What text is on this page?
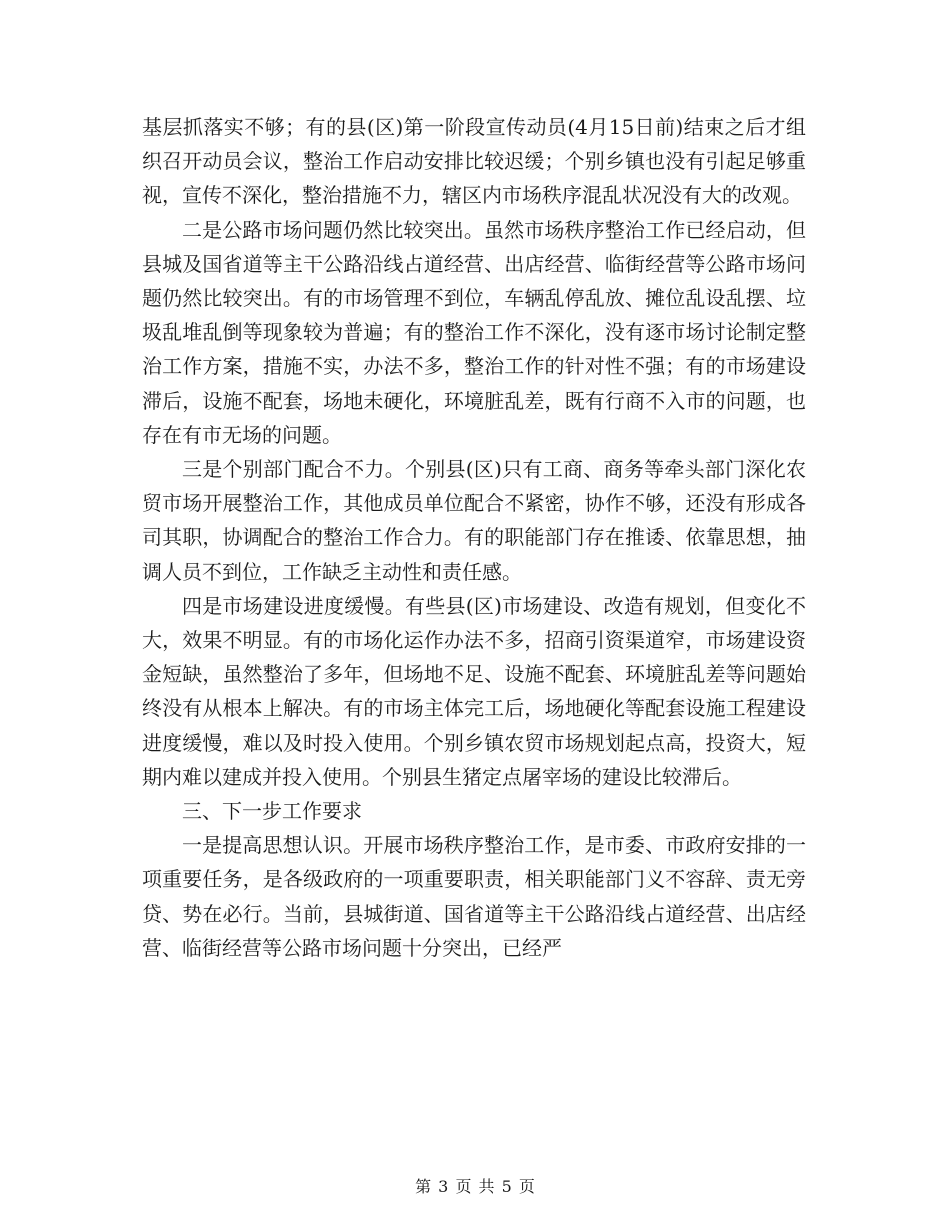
基层抓落实不够；有的县(区)第一阶段宣传动员(4月15日前)结束之后才组织召开动员会议，整治工作启动安排比较迟缓；个别乡镇也没有引起足够重视，宣传不深化，整治措施不力，辖区内市场秩序混乱状况没有大的改观。

二是公路市场问题仍然比较突出。虽然市场秩序整治工作已经启动，但县城及国省道等主干公路沿线占道经营、出店经营、临街经营等公路市场问题仍然比较突出。有的市场管理不到位，车辆乱停乱放、摊位乱设乱摆、垃圾乱堆乱倒等现象较为普遍；有的整治工作不深化，没有逐市场讨论制定整治工作方案，措施不实，办法不多，整治工作的针对性不强；有的市场建设滞后，设施不配套，场地未硬化，环境脏乱差，既有行商不入市的问题，也存在有市无场的问题。

三是个别部门配合不力。个别县(区)只有工商、商务等牵头部门深化农贸市场开展整治工作，其他成员单位配合不紧密，协作不够，还没有形成各司其职，协调配合的整治工作合力。有的职能部门存在推诿、依靠思想，抽调人员不到位，工作缺乏主动性和责任感。

四是市场建设进度缓慢。有些县(区)市场建设、改造有规划，但变化不大，效果不明显。有的市场化运作办法不多，招商引资渠道窄，市场建设资金短缺，虽然整治了多年，但场地不足、设施不配套、环境脏乱差等问题始终没有从根本上解决。有的市场主体完工后，场地硬化等配套设施工程建设进度缓慢，难以及时投入使用。个别乡镇农贸市场规划起点高，投资大，短期内难以建成并投入使用。个别县生猪定点屠宰场的建设比较滞后。

三、下一步工作要求

一是提高思想认识。开展市场秩序整治工作，是市委、市政府安排的一项重要任务，是各级政府的一项重要职责，相关职能部门义不容辞、责无旁贷、势在必行。当前，县城街道、国省道等主干公路沿线占道经营、出店经营、临街经营等公路市场问题十分突出，已经严

第 3 页 共 5 页
